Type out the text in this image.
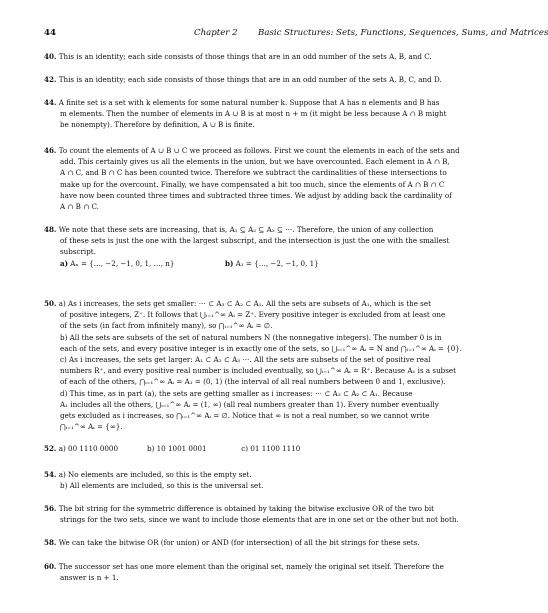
44	Chapter 2 Basic Structures: Sets, Functions, Sequences, Sums, and Matrices
40. This is an identity; each side consists of those things that are in an odd number of the sets A, B, and C.
42. This is an identity; each side consists of those things that are in an odd number of the sets A, B, C, and D.
44. A finite set is a set with k elements for some natural number k. Suppose that A has n elements and B has
m elements. Then the number of elements in A ∪ B is at most n + m (it might be less because A ∩ B might
be nonempty). Therefore by definition, A ∪ B is finite.
46. To count the elements of A ∪ B ∪ C we proceed as follows. First we count the elements in each of the sets and
add. This certainly gives us all the elements in the union, but we have overcounted. Each element in A ∩ B,
A ∩ C, and B ∩ C has been counted twice. Therefore we subtract the cardinalities of these intersections to
make up for the overcount. Finally, we have compensated a bit too much, since the elements of A ∩ B ∩ C
have now been counted three times and subtracted three times. We adjust by adding back the cardinality of
A ∩ B ∩ C.
48. We note that these sets are increasing, that is, A₁ ⊆ A₂ ⊆ A₃ ⊆ ⋯. Therefore, the union of any collection
of these sets is just the one with the largest subscript, and the intersection is just the one with the smallest
subscript.
a) Aₙ = {…, −2, −1, 0, 1, …, n}	b) A₁ = {…, −2, −1, 0, 1}
50. a) As i increases, the sets get smaller: ⋯ ⊂ A₃ ⊂ A₂ ⊂ A₁. All the sets are subsets of A₁, which is the set
of positive integers, Z⁺. It follows that ⋃ᵢ₌₁^∞ Aᵢ = Z⁺. Every positive integer is excluded from at least one
of the sets (in fact from infinitely many), so ⋂ᵢ₌₁^∞ Aᵢ = ∅.
b) All the sets are subsets of the set of natural numbers N (the nonnegative integers). The number 0 is in
each of the sets, and every positive integer is in exactly one of the sets, so ⋃ᵢ₌₁^∞ Aᵢ = N and ⋂ᵢ₌₁^∞ Aᵢ = {0}.
c) As i increases, the sets get larger: A₁ ⊂ A₂ ⊂ A₃ ⋯. All the sets are subsets of the set of positive real
numbers R⁺, and every positive real number is included eventually, so ⋃ᵢ₌₁^∞ Aᵢ = R⁺. Because A₁ is a subset
of each of the others, ⋂ᵢ₌₁^∞ Aᵢ = A₁ = (0, 1) (the interval of all real numbers between 0 and 1, exclusive).
d) This time, as in part (a), the sets are getting smaller as i increases: ⋯ ⊂ A₃ ⊂ A₂ ⊂ A₁. Because
A₁ includes all the others, ⋃ᵢ₌₁^∞ Aᵢ = (1, ∞) (all real numbers greater than 1). Every number eventually
gets excluded as i increases, so ⋂ᵢ₌₁^∞ Aᵢ = ∅. Notice that ∞ is not a real number, so we cannot write
⋂ᵢ₌₁^∞ Aᵢ = {∞}.
52. a) 00 1110 0000	b) 10 1001 0001	c) 01 1100 1110
54. a) No elements are included, so this is the empty set.
b) All elements are included, so this is the universal set.
56. The bit string for the symmetric difference is obtained by taking the bitwise exclusive OR of the two bit
strings for the two sets, since we want to include those elements that are in one set or the other but not both.
58. We can take the bitwise OR (for union) or AND (for intersection) of all the bit strings for these sets.
60. The successor set has one more element than the original set, namely the original set itself. Therefore the
answer is n + 1.
